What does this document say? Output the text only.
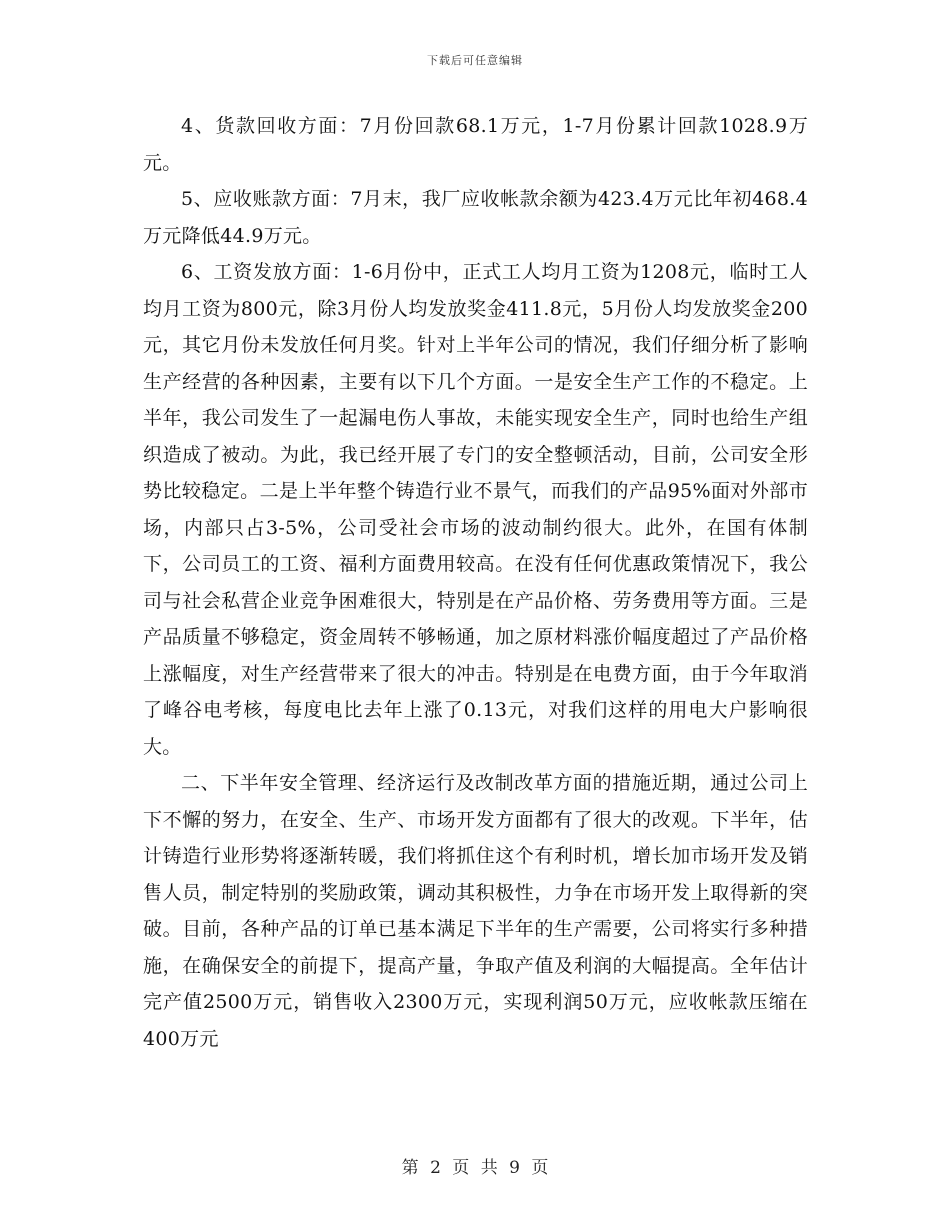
下载后可任意编辑

4、货款回收方面：7月份回款68.1万元，1-7月份累计回款1028.9万元。

5、应收账款方面：7月末，我厂应收帐款余额为423.4万元比年初468.4万元降低44.9万元。

6、工资发放方面：1-6月份中，正式工人均月工资为1208元，临时工人均月工资为800元，除3月份人均发放奖金411.8元，5月份人均发放奖金200元，其它月份未发放任何月奖。针对上半年公司的情况，我们仔细分析了影响生产经营的各种因素，主要有以下几个方面。一是安全生产工作的不稳定。上半年，我公司发生了一起漏电伤人事故，未能实现安全生产，同时也给生产组织造成了被动。为此，我已经开展了专门的安全整顿活动，目前，公司安全形势比较稳定。二是上半年整个铸造行业不景气，而我们的产品95%面对外部市场，内部只占3-5%，公司受社会市场的波动制约很大。此外，在国有体制下，公司员工的工资、福利方面费用较高。在没有任何优惠政策情况下，我公司与社会私营企业竞争困难很大，特别是在产品价格、劳务费用等方面。三是产品质量不够稳定，资金周转不够畅通，加之原材料涨价幅度超过了产品价格上涨幅度，对生产经营带来了很大的冲击。特别是在电费方面，由于今年取消了峰谷电考核，每度电比去年上涨了0.13元，对我们这样的用电大户影响很大。

二、下半年安全管理、经济运行及改制改革方面的措施近期，通过公司上下不懈的努力，在安全、生产、市场开发方面都有了很大的改观。下半年，估计铸造行业形势将逐渐转暖，我们将抓住这个有利时机，增长加市场开发及销售人员，制定特别的奖励政策，调动其积极性，力争在市场开发上取得新的突破。目前，各种产品的订单已基本满足下半年的生产需要，公司将实行多种措施，在确保安全的前提下，提高产量，争取产值及利润的大幅提高。全年估计完产值2500万元，销售收入2300万元，实现利润50万元，应收帐款压缩在400万元

第 2 页 共 9 页
